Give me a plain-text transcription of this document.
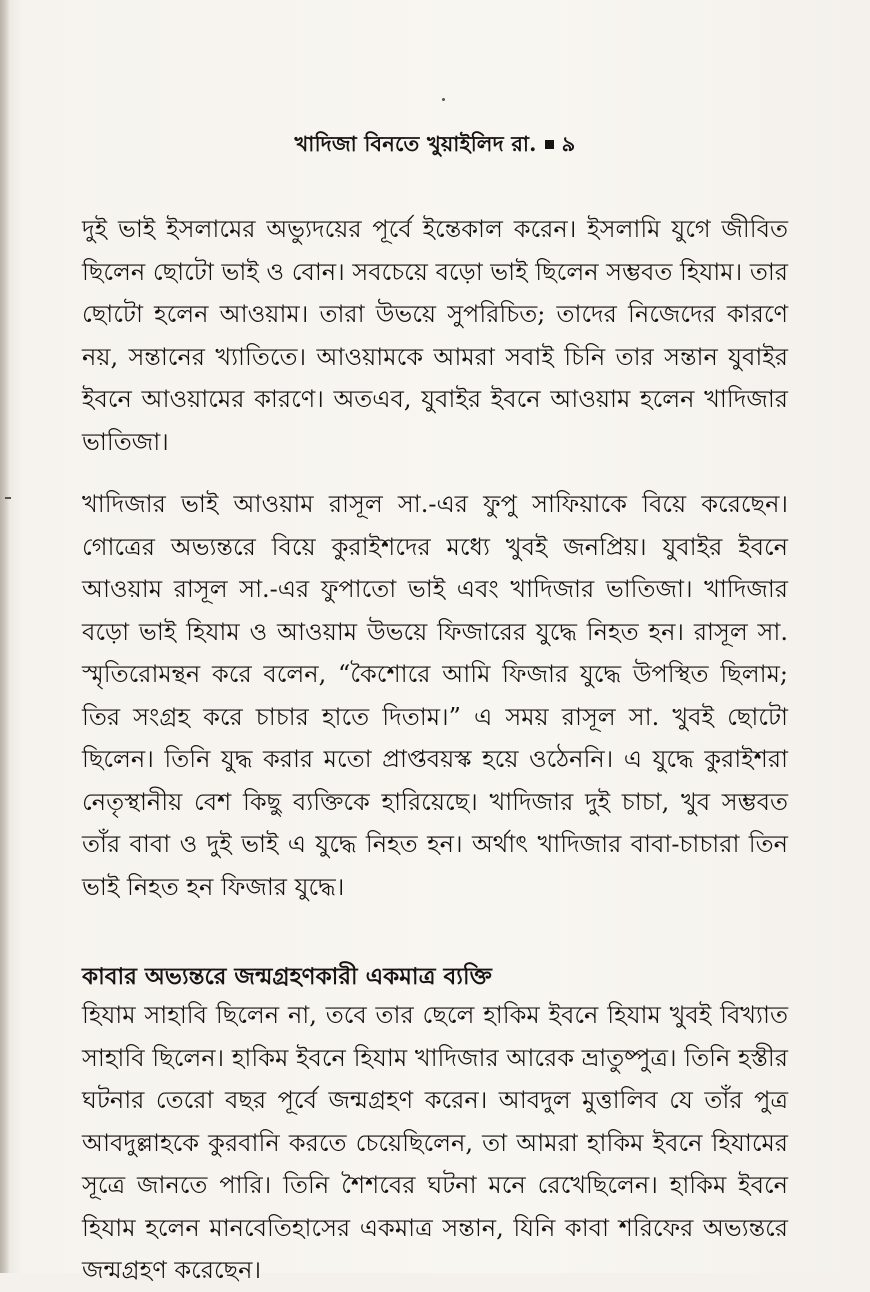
খাদিজা বিনতে খুয়াইলিদ রা. ৯

দুই ভাই ইসলামের অভ্যুদয়ের পূর্বে ইন্তেকাল করেন। ইসলামি যুগে জীবিত ছিলেন ছোটো ভাই ও বোন। সবচেয়ে বড়ো ভাই ছিলেন সম্ভবত হিযাম। তার ছোটো হলেন আওয়াম। তারা উভয়ে সুপরিচিত; তাদের নিজেদের কারণে নয়, সন্তানের খ্যাতিতে। আওয়ামকে আমরা সবাই চিনি তার সন্তান যুবাইর ইবনে আওয়ামের কারণে। অতএব, যুবাইর ইবনে আওয়াম হলেন খাদিজার ভাতিজা।

খাদিজার ভাই আওয়াম রাসূল সা.-এর ফুপু সাফিয়াকে বিয়ে করেছেন। গোত্রের অভ্যন্তরে বিয়ে কুরাইশদের মধ্যে খুবই জনপ্রিয়। যুবাইর ইবনে আওয়াম রাসূল সা.-এর ফুপাতো ভাই এবং খাদিজার ভাতিজা। খাদিজার বড়ো ভাই হিযাম ও আওয়াম উভয়ে ফিজারের যুদ্ধে নিহত হন। রাসূল সা. স্মৃতিরোমন্থন করে বলেন, “কৈশোরে আমি ফিজার যুদ্ধে উপস্থিত ছিলাম; তির সংগ্রহ করে চাচার হাতে দিতাম।” এ সময় রাসূল সা. খুবই ছোটো ছিলেন। তিনি যুদ্ধ করার মতো প্রাপ্তবয়স্ক হয়ে ওঠেননি। এ যুদ্ধে কুরাইশরা নেতৃস্থানীয় বেশ কিছু ব্যক্তিকে হারিয়েছে। খাদিজার দুই চাচা, খুব সম্ভবত তাঁর বাবা ও দুই ভাই এ যুদ্ধে নিহত হন। অর্থাৎ খাদিজার বাবা-চাচারা তিন ভাই নিহত হন ফিজার যুদ্ধে।

কাবার অভ্যন্তরে জন্মগ্রহণকারী একমাত্র ব্যক্তি

হিযাম সাহাবি ছিলেন না, তবে তার ছেলে হাকিম ইবনে হিযাম খুবই বিখ্যাত সাহাবি ছিলেন। হাকিম ইবনে হিযাম খাদিজার আরেক ভ্রাতুষ্পুত্র। তিনি হস্তীর ঘটনার তেরো বছর পূর্বে জন্মগ্রহণ করেন। আবদুল মুত্তালিব যে তাঁর পুত্র আবদুল্লাহকে কুরবানি করতে চেয়েছিলেন, তা আমরা হাকিম ইবনে হিযামের সূত্রে জানতে পারি। তিনি শৈশবের ঘটনা মনে রেখেছিলেন। হাকিম ইবনে হিযাম হলেন মানবেতিহাসের একমাত্র সন্তান, যিনি কাবা শরিফের অভ্যন্তরে জন্মগ্রহণ করেছেন।
